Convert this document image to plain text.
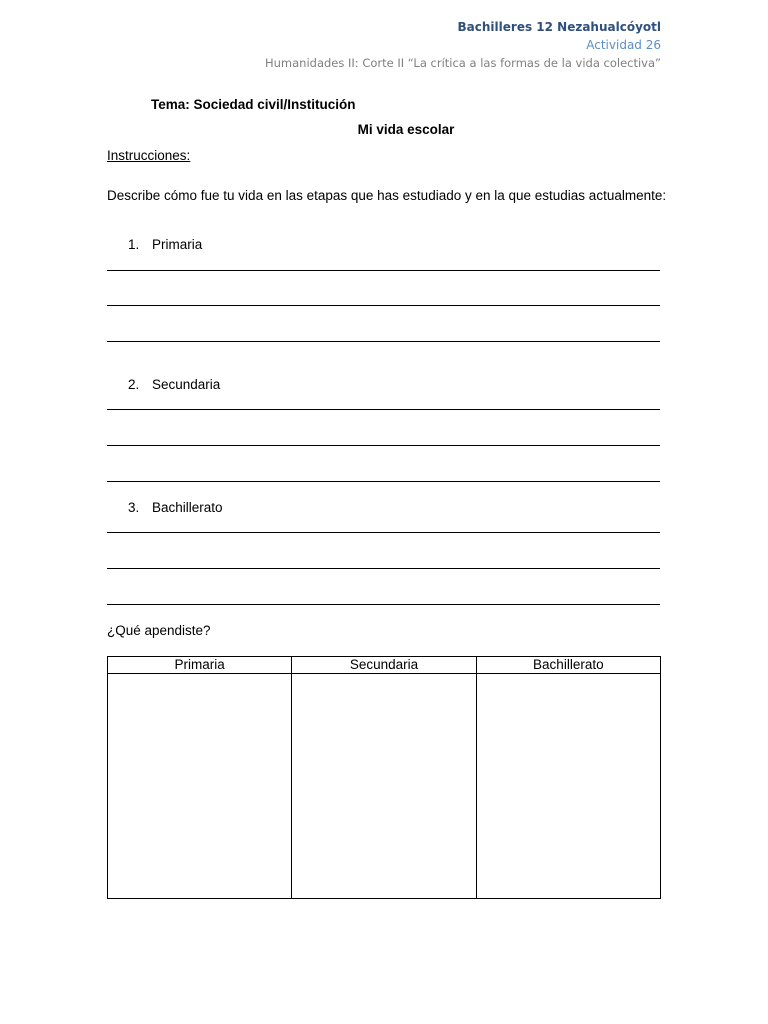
Bachilleres 12 Nezahualcóyotl
Actividad 26
Humanidades II: Corte II “La crítica a las formas de la vida colectiva”
Tema: Sociedad civil/Institución
Mi vida escolar
Instrucciones:
Describe cómo fue tu vida en las etapas que has estudiado y en la que estudias actualmente:
1. Primaria
2. Secundaria
3. Bachillerato
¿Qué apendiste?
Primaria	Secundaria	Bachillerato
